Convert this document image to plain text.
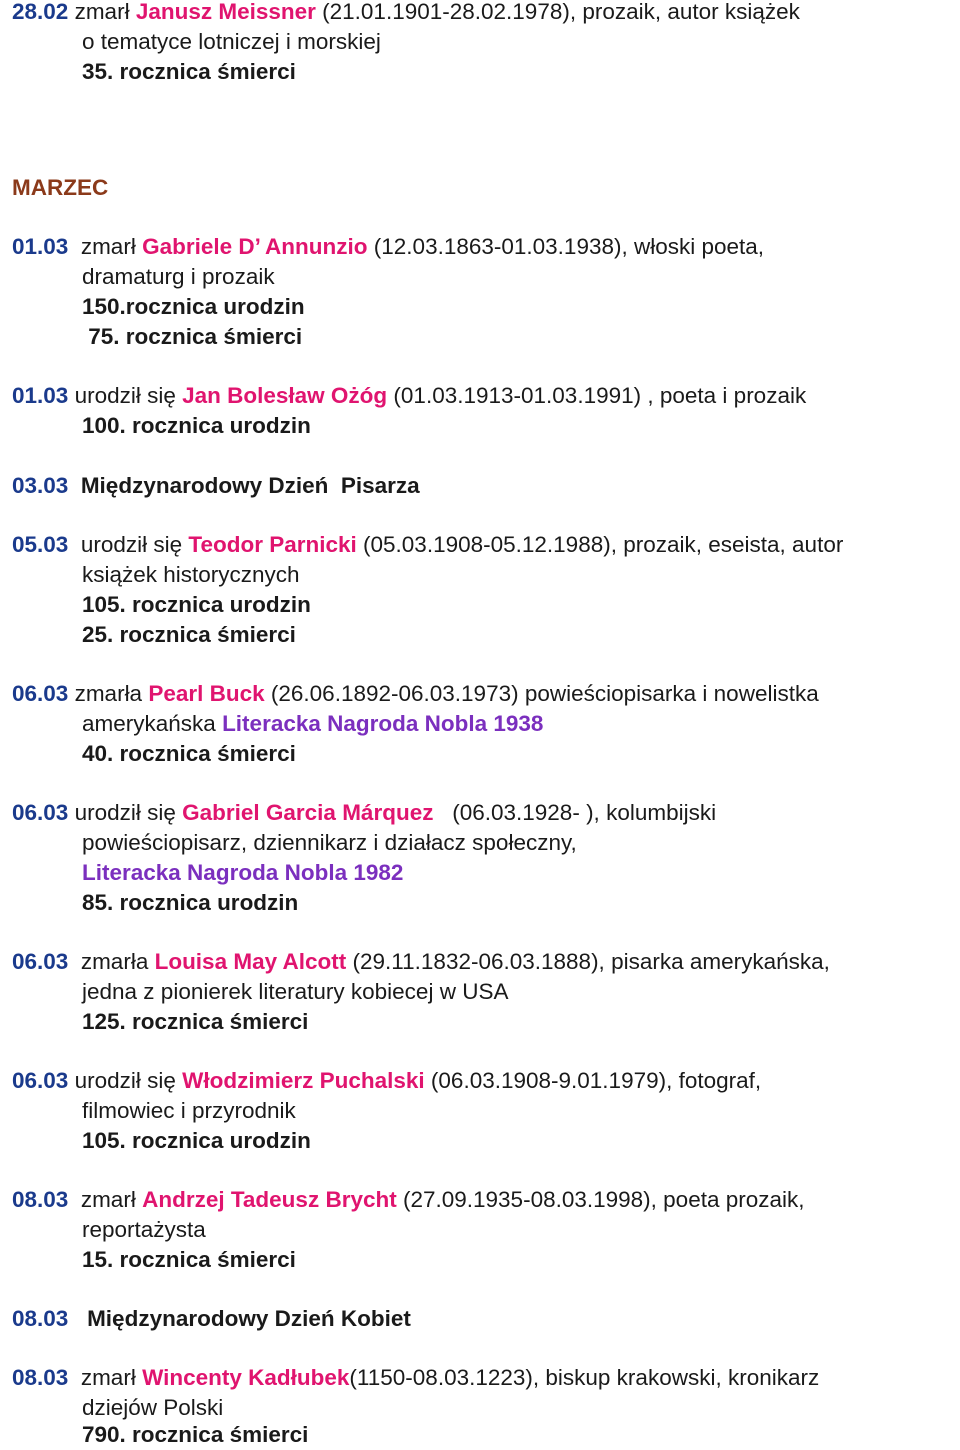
28.02 zmarł Janusz Meissner (21.01.1901-28.02.1978), prozaik, autor książek
o tematyce lotniczej i morskiej
35. rocznica śmierci
MARZEC
01.03  zmarł Gabriele D’ Annunzio (12.03.1863-01.03.1938), włoski poeta,
dramaturg i prozaik
150.rocznica urodzin
75. rocznica śmierci
01.03 urodził się Jan Bolesław Ożóg (01.03.1913-01.03.1991) , poeta i prozaik
100. rocznica urodzin
03.03  Międzynarodowy Dzień  Pisarza
05.03  urodził się Teodor Parnicki (05.03.1908-05.12.1988), prozaik, eseista, autor
książek historycznych
105. rocznica urodzin
25. rocznica śmierci
06.03 zmarła Pearl Buck (26.06.1892-06.03.1973) powieściopisarka i nowelistka
amerykańska Literacka Nagroda Nobla 1938
40. rocznica śmierci
06.03 urodził się Gabriel Garcia Márquez   (06.03.1928- ), kolumbijski
powieściopisarz, dziennikarz i działacz społeczny,
Literacka Nagroda Nobla 1982
85. rocznica urodzin
06.03  zmarła Louisa May Alcott (29.11.1832-06.03.1888), pisarka amerykańska,
jedna z pionierek literatury kobiecej w USA
125. rocznica śmierci
06.03 urodził się Włodzimierz Puchalski (06.03.1908-9.01.1979), fotograf,
filmowiec i przyrodnik
105. rocznica urodzin
08.03  zmarł Andrzej Tadeusz Brycht (27.09.1935-08.03.1998), poeta prozaik,
reportażysta
15. rocznica śmierci
08.03   Międzynarodowy Dzień Kobiet
08.03  zmarł Wincenty Kadłubek(1150-08.03.1223), biskup krakowski, kronikarz
dziejów Polski
790. rocznica śmierci
